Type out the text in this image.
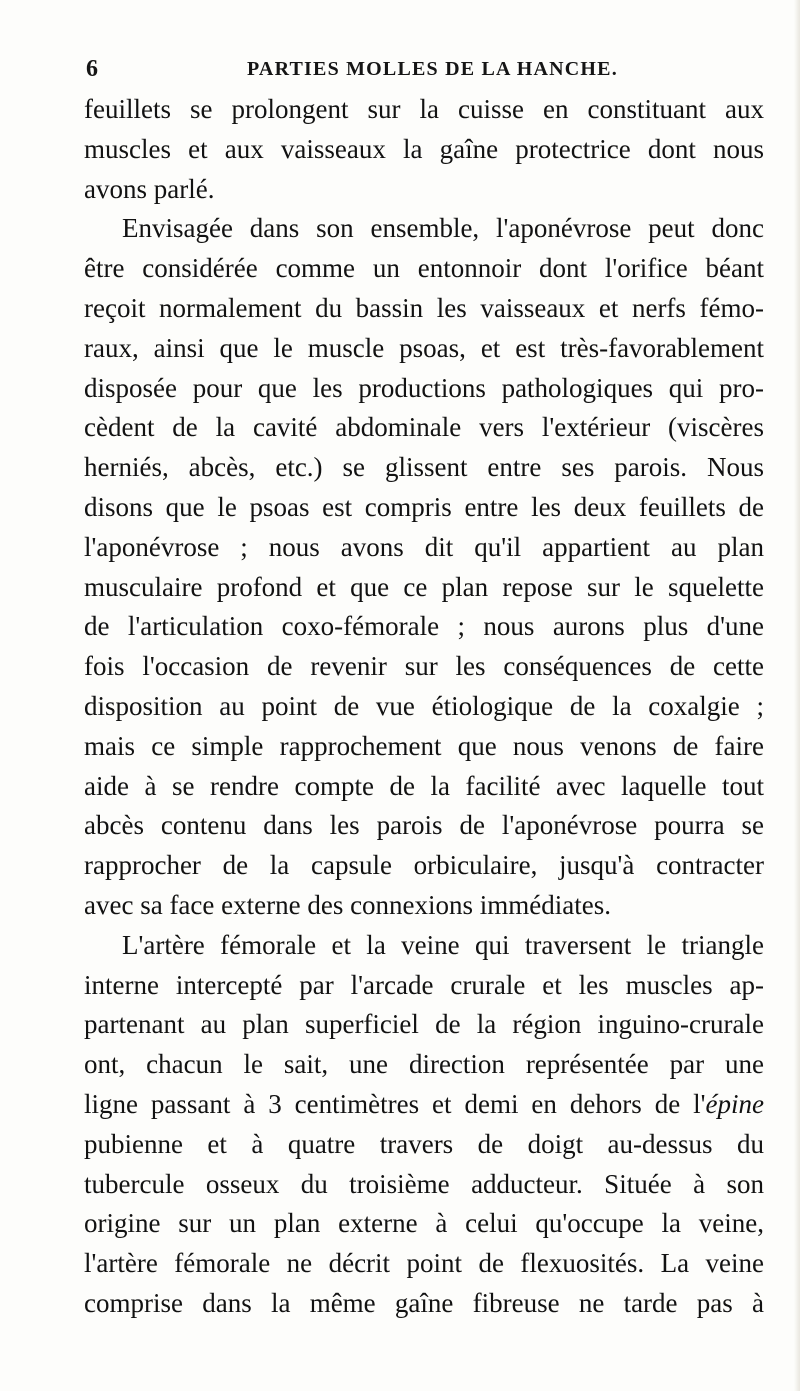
6	PARTIES MOLLES DE LA HANCHE.
feuillets se prolongent sur la cuisse en constituant aux
muscles et aux vaisseaux la gaîne protectrice dont nous
avons parlé.
Envisagée dans son ensemble, l'aponévrose peut donc
être considérée comme un entonnoir dont l'orifice béant
reçoit normalement du bassin les vaisseaux et nerfs fémo-
raux, ainsi que le muscle psoas, et est très-favorablement
disposée pour que les productions pathologiques qui pro-
cèdent de la cavité abdominale vers l'extérieur (viscères
herniés, abcès, etc.) se glissent entre ses parois. Nous
disons que le psoas est compris entre les deux feuillets de
l'aponévrose ; nous avons dit qu'il appartient au plan
musculaire profond et que ce plan repose sur le squelette
de l'articulation coxo-fémorale ; nous aurons plus d'une
fois l'occasion de revenir sur les conséquences de cette
disposition au point de vue étiologique de la coxalgie ;
mais ce simple rapprochement que nous venons de faire
aide à se rendre compte de la facilité avec laquelle tout
abcès contenu dans les parois de l'aponévrose pourra se
rapprocher de la capsule orbiculaire, jusqu'à contracter
avec sa face externe des connexions immédiates.
L'artère fémorale et la veine qui traversent le triangle
interne intercepté par l'arcade crurale et les muscles ap-
partenant au plan superficiel de la région inguino-crurale
ont, chacun le sait, une direction représentée par une
ligne passant à 3 centimètres et demi en dehors de l'épine
pubienne et à quatre travers de doigt au-dessus du
tubercule osseux du troisième adducteur. Située à son
origine sur un plan externe à celui qu'occupe la veine,
l'artère fémorale ne décrit point de flexuosités. La veine
comprise dans la même gaîne fibreuse ne tarde pas à
